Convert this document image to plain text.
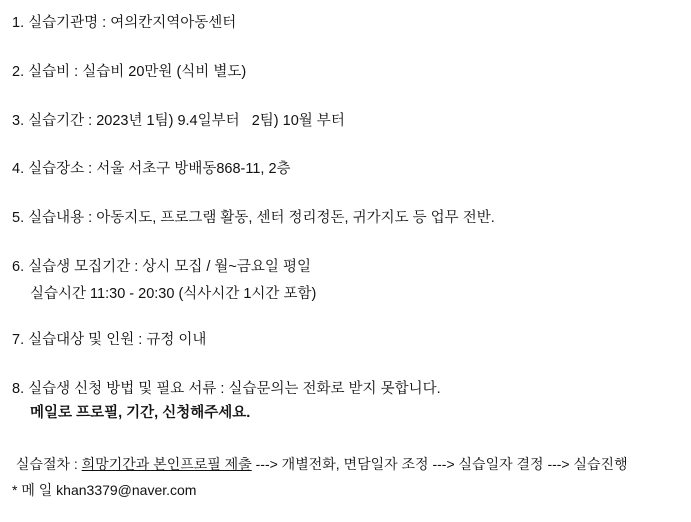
1. 실습기관명 : 여의칸지역아동센터
2. 실습비 : 실습비 20만원 (식비 별도)
3. 실습기간 : 2023년 1팀) 9.4일부터   2팀) 10월 부터
4. 실습장소 : 서울 서초구 방배동868-11, 2층
5. 실습내용 : 아동지도, 프로그램 활동, 센터 정리정돈, 귀가지도 등 업무 전반.
6. 실습생 모집기간 : 상시 모집 / 월~금요일 평일
실습시간 11:30 - 20:30 (식사시간 1시간 포함)
7. 실습대상 및 인원 : 규정 이내
8. 실습생 신청 방법 및 필요 서류 : 실습문의는 전화로 받지 못합니다.
메일로 프로필, 기간, 신청해주세요.
실습절차 : 희망기간과 본인프로필 제출 ---> 개별전화, 면담일자 조정 ---> 실습일자 결정 ---> 실습진행
* 메 일 khan3379@naver.com
